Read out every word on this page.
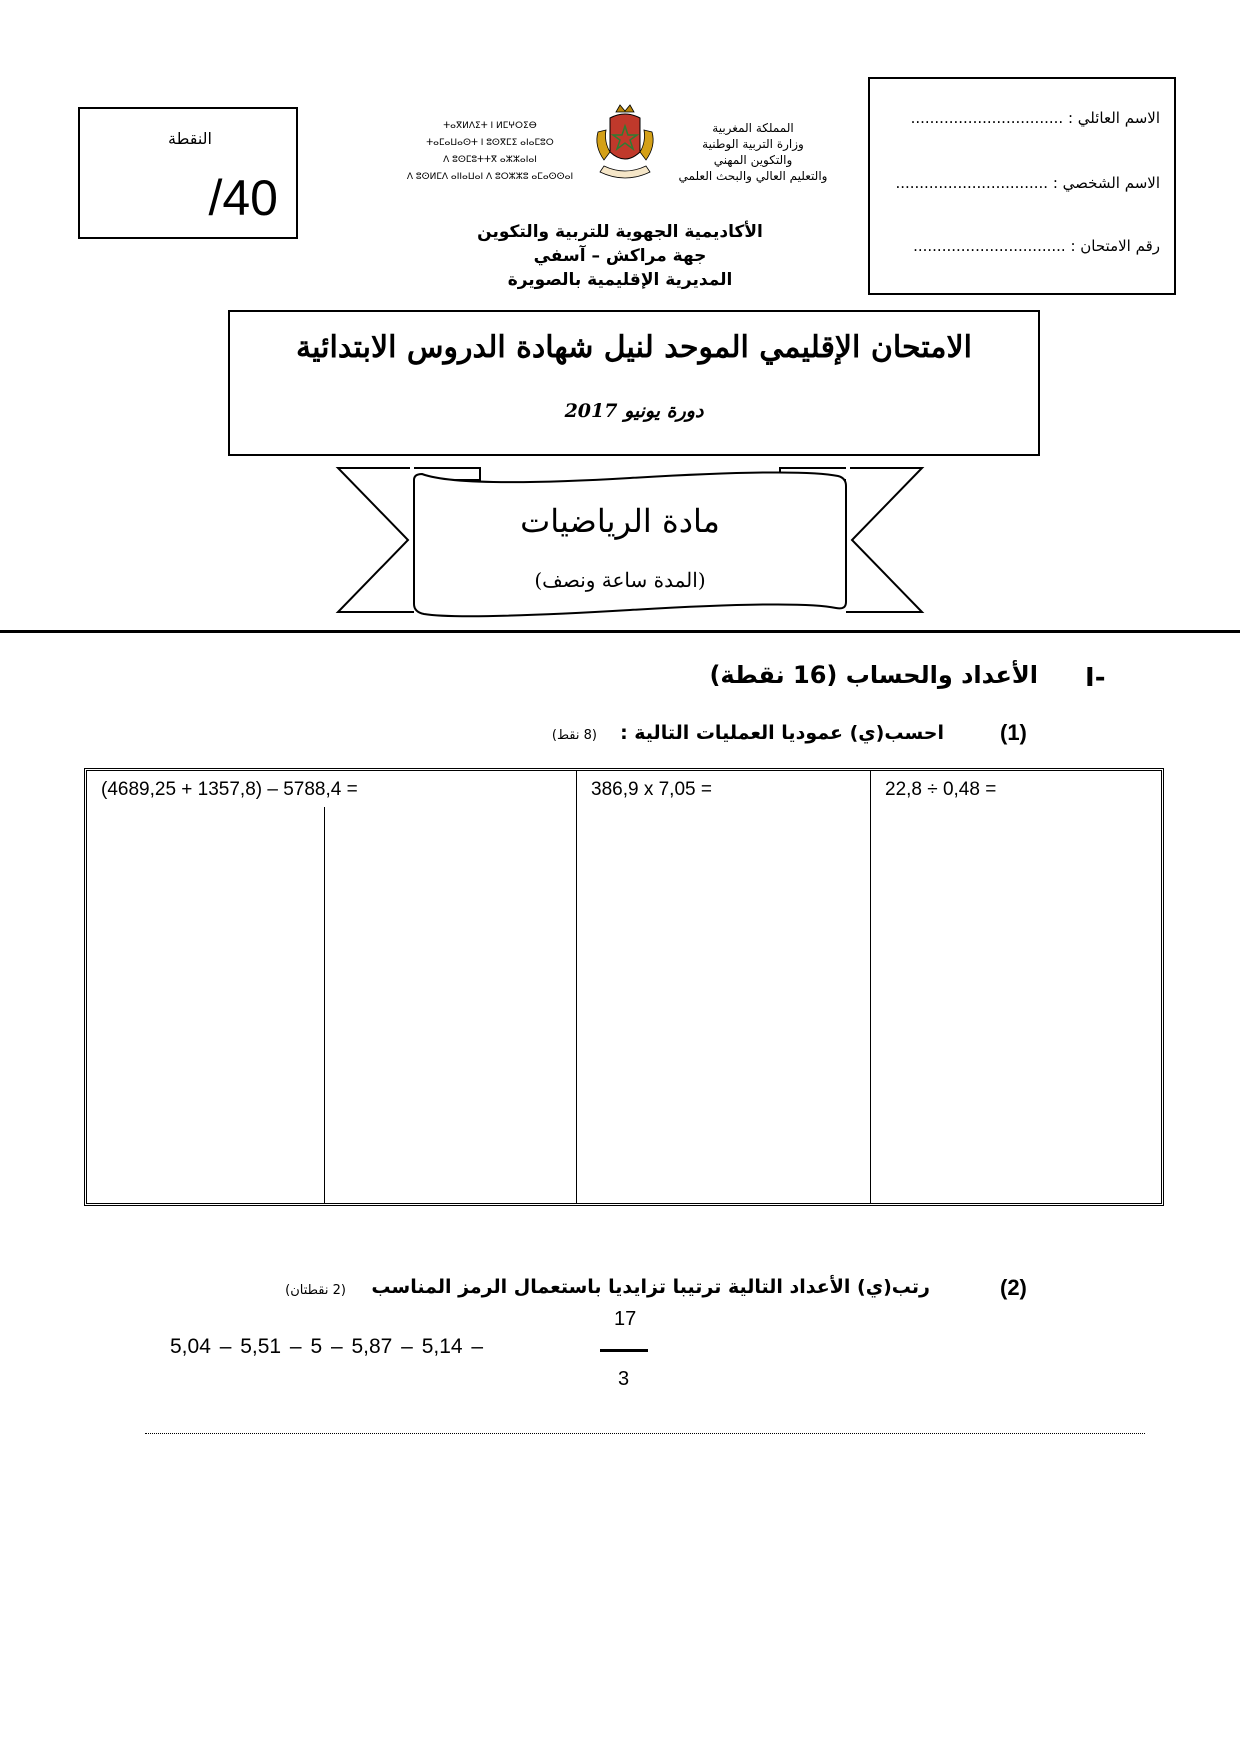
النقطة
/40
الاسم العائلي : ................................
الاسم الشخصي : ................................
رقم الامتحان : ................................
ⵜⴰⴳⵍⴷⵉⵜ ⵏ ⵍⵎⵖⵔⵉⴱ
ⵜⴰⵎⴰⵡⴰⵙⵜ ⵏ ⵓⵙⴳⵎⵉ ⴰⵏⴰⵎⵓⵔ
ⴷ ⵓⵙⵎⵓⵜⵜⴳ ⴰⵣⵣⴰⵏⴰⵏ
ⴷ ⵓⵙⵍⵎⴷ ⴰⵏⵏⴰⵡⴰⵏ ⴷ ⵓⵔⵣⵣⵓ ⴰⵎⴰⵙⵙⴰⵏ
المملكة المغربية
وزارة التربية الوطنية
والتكوين المهني
والتعليم العالي والبحث العلمي
الأكاديمية الجهوية للتربية والتكوين
جهة مراكش – آسفي
المديرية الإقليمية بالصويرة
الامتحان الإقليمي الموحد لنيل شهادة الدروس الابتدائية
دورة يونيو 2017
مادة الرياضيات
(المدة ساعة ونصف)
-I
الأعداد والحساب (16 نقطة)
(1)
احسب(ي) عموديا العمليات التالية :
(8 نقط)
(4689,25 + 1357,8) – 5788,4 =	386,9 x 7,05 =	22,8 ÷ 0,48 =
(2)
رتب(ي) الأعداد التالية ترتيبا تزايديا باستعمال الرمز المناسب
(2 نقطتان)
5,04 – 5,51 – 5 – 5,87 – 5,14 –
17
3
